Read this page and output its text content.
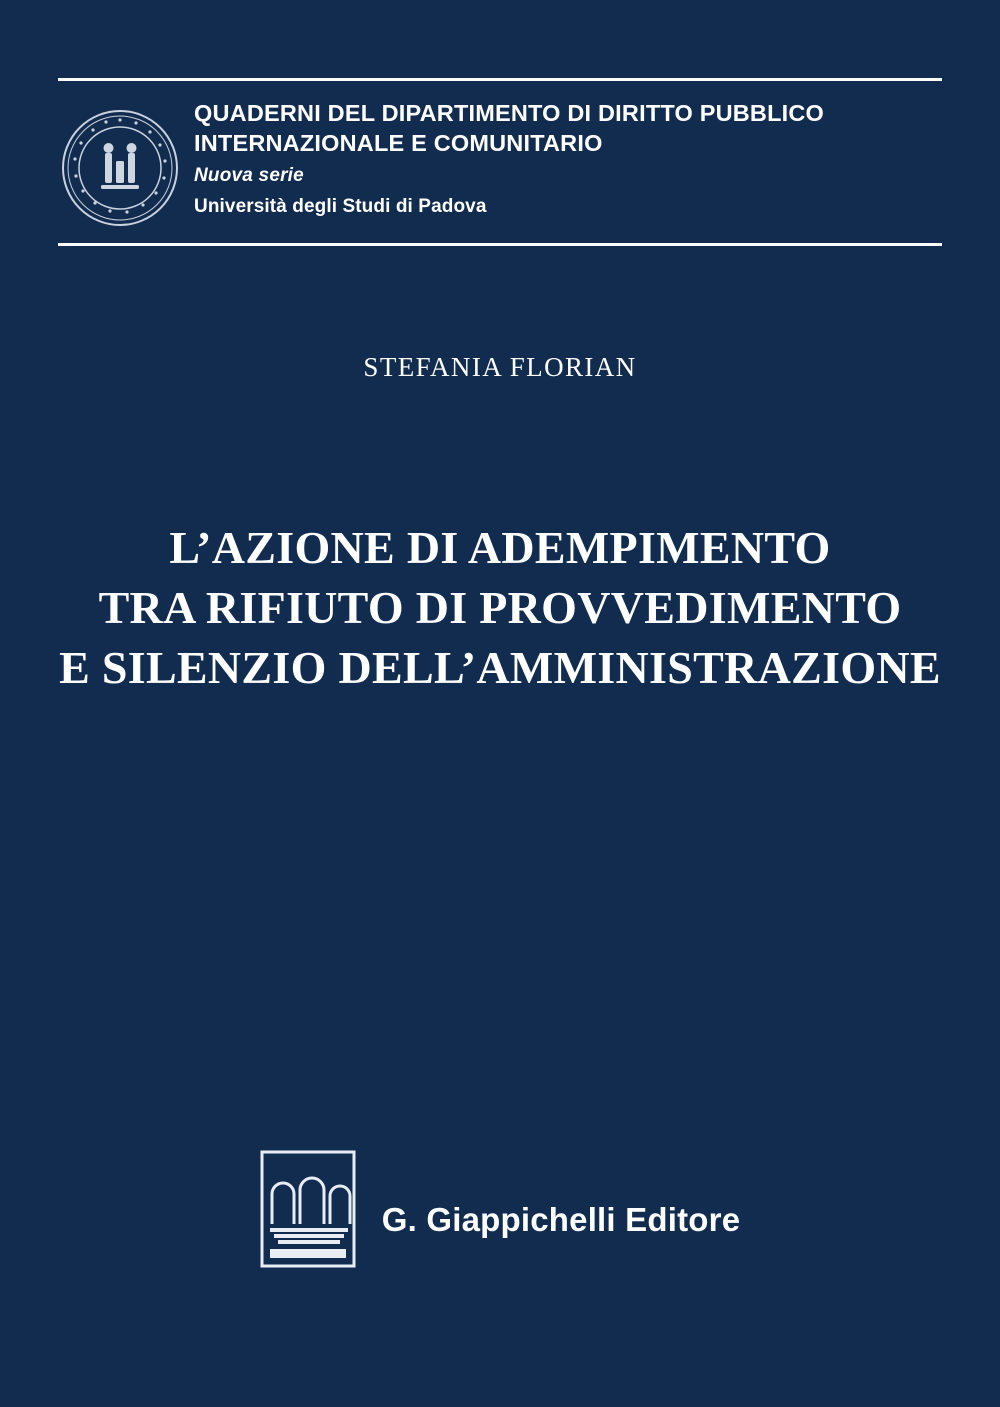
QUADERNI DEL DIPARTIMENTO DI DIRITTO PUBBLICO
INTERNAZIONALE E COMUNITARIO
Nuova serie
Università degli Studi di Padova
STEFANIA FLORIAN
L’AZIONE DI ADEMPIMENTO
TRA RIFIUTO DI PROVVEDIMENTO
E SILENZIO DELL’AMMINISTRAZIONE
G. Giappichelli Editore
